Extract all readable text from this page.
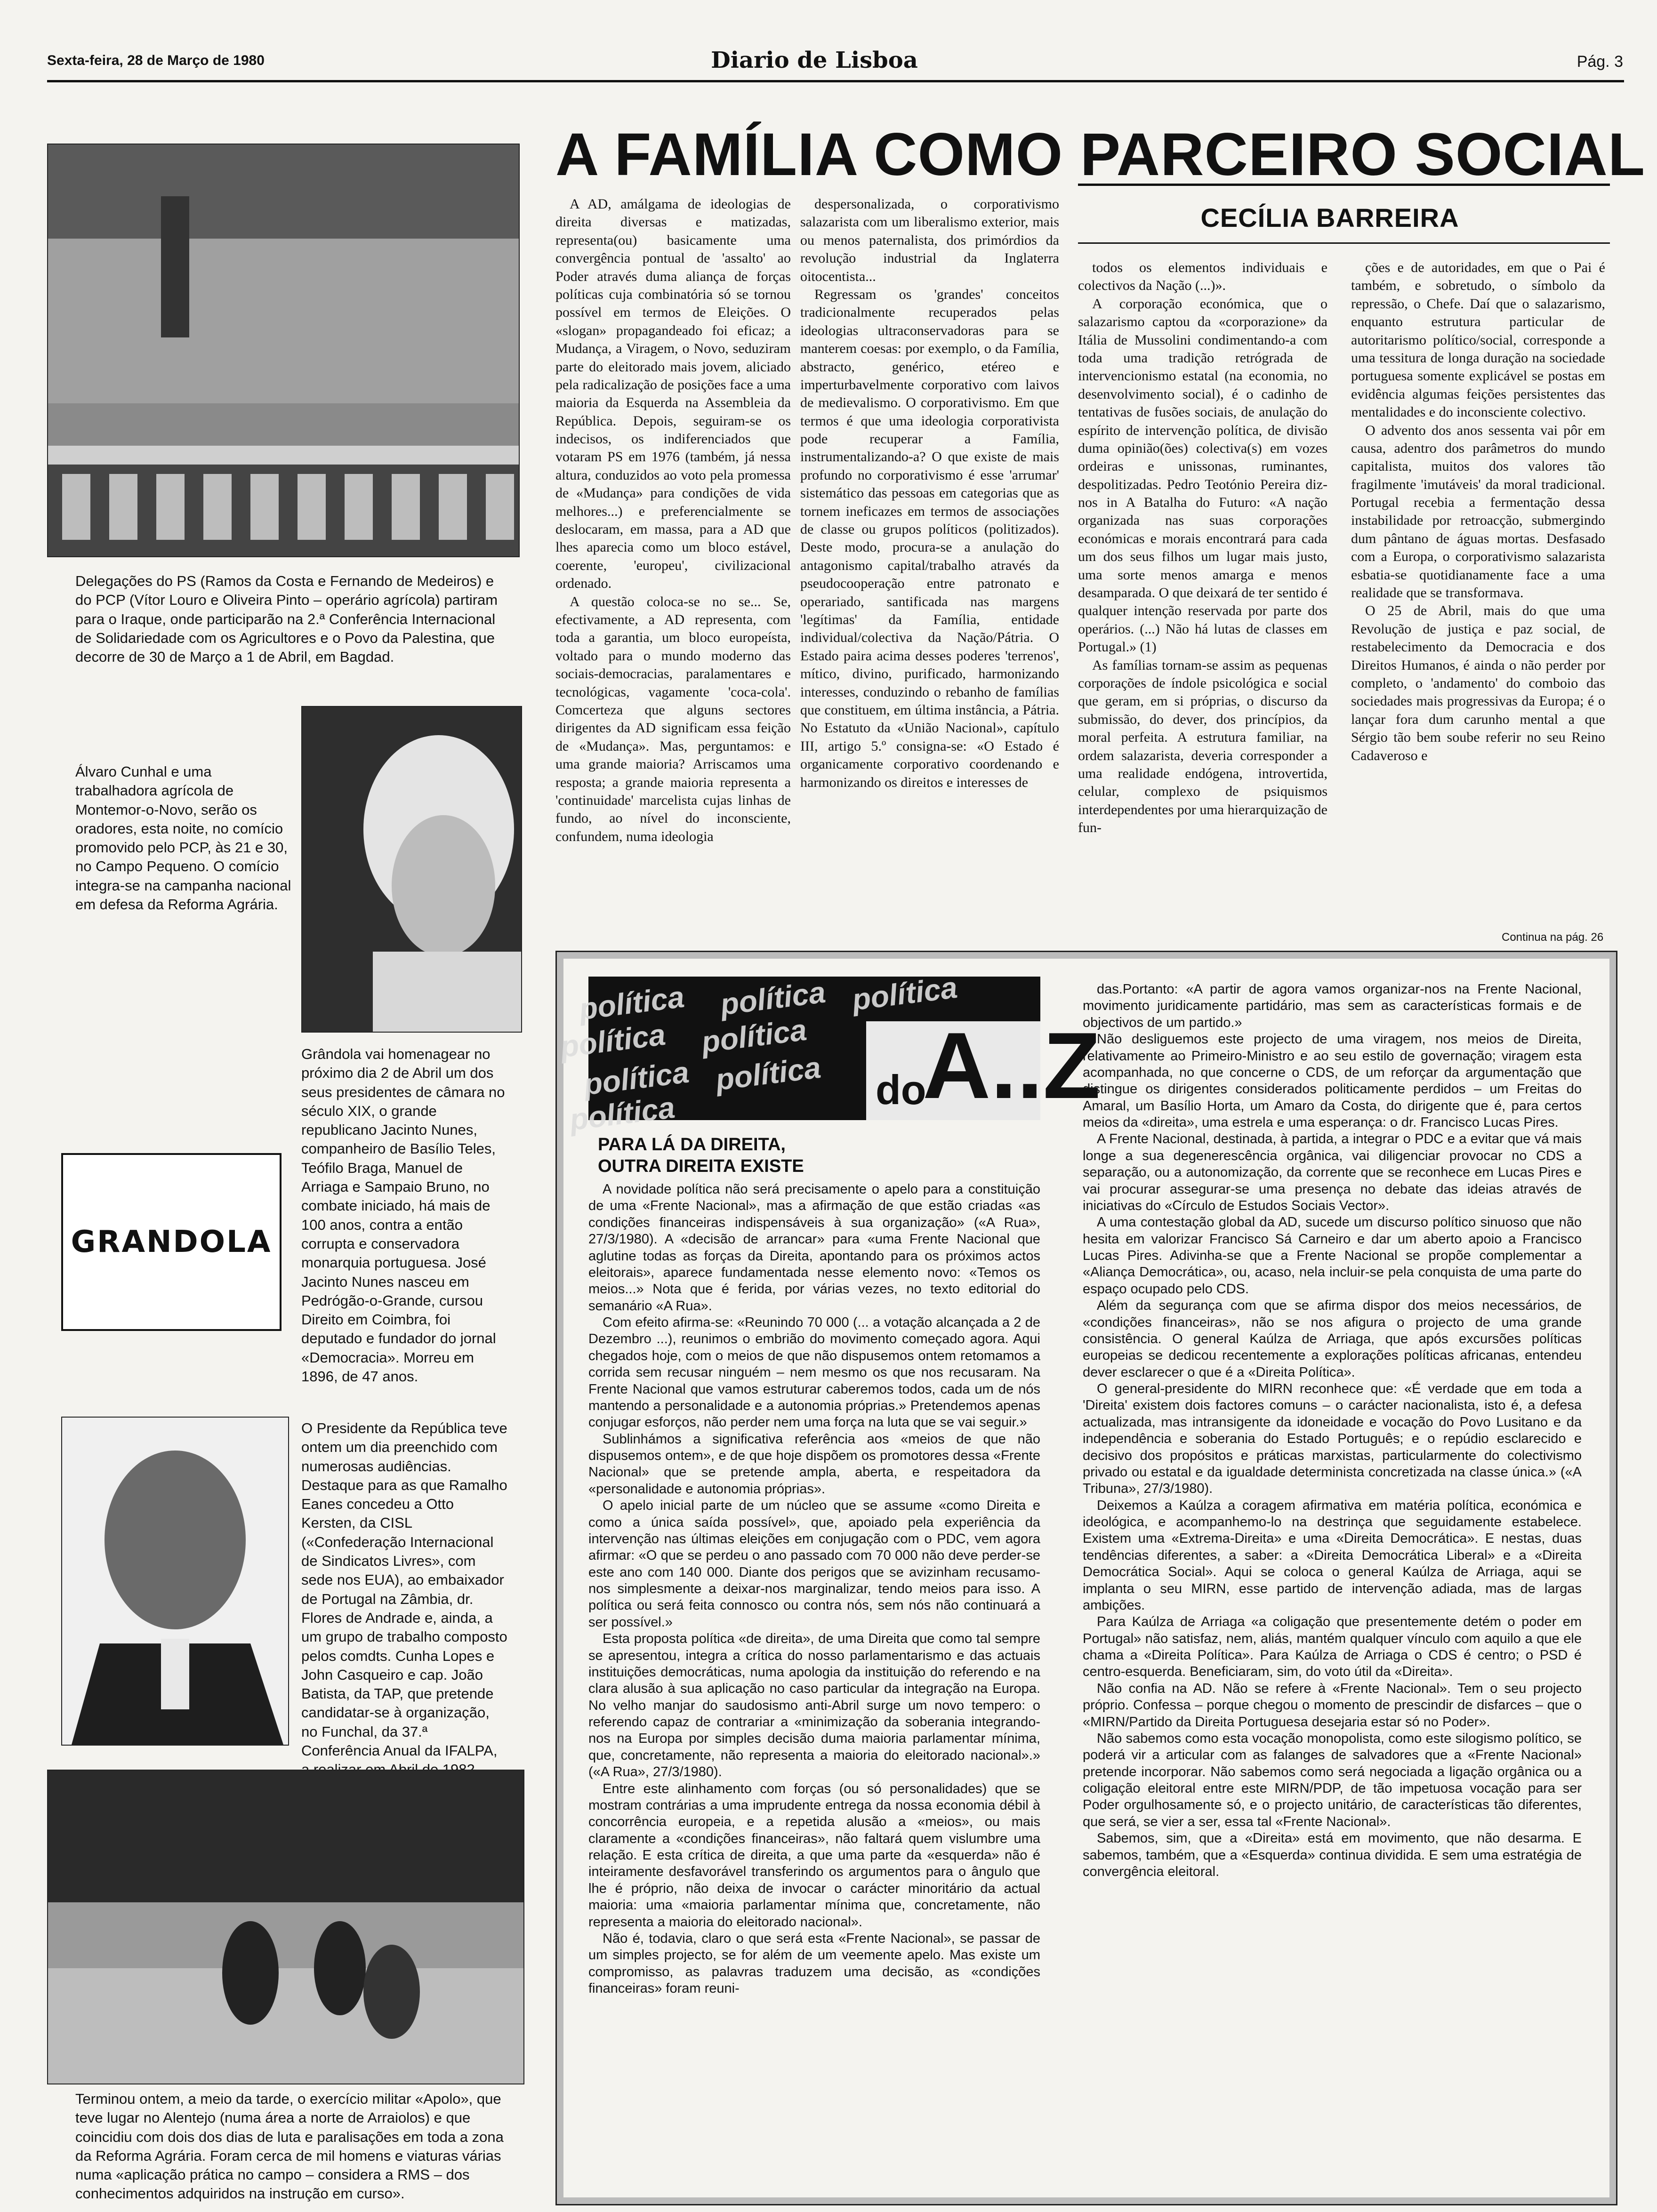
Sexta-feira, 28 de Março de 1980	Diario de Lisboa	Pág. 3
Delegações do PS (Ramos da Costa e Fernando de Medeiros) e do PCP (Vítor Louro e Oliveira Pinto – operário agrícola) partiram para o Iraque, onde participarão na 2.ª Conferência Internacional de Solidariedade com os Agricultores e o Povo da Palestina, que decorre de 30 de Março a 1 de Abril, em Bagdad.
Álvaro Cunhal e uma trabalhadora agrícola de Montemor-o-Novo, serão os oradores, esta noite, no comício promovido pelo PCP, às 21 e 30, no Campo Pequeno. O comício integra-se na campanha nacional em defesa da Reforma Agrária.
Grândola vai homenagear no próximo dia 2 de Abril um dos seus presidentes de câmara no século XIX, o grande republicano Jacinto Nunes, companheiro de Basílio Teles, Teófilo Braga, Manuel de Arriaga e Sampaio Bruno, no combate iniciado, há mais de 100 anos, contra a então corrupta e conservadora monarquia portuguesa. José Jacinto Nunes nasceu em Pedrógão-o-Grande, cursou Direito em Coimbra, foi deputado e fundador do jornal «Democracia». Morreu em 1896, de 47 anos.
GRANDOLA
O Presidente da República teve ontem um dia preenchido com numerosas audiências. Destaque para as que Ramalho Eanes concedeu a Otto Kersten, da CISL («Confederação Internacional de Sindicatos Livres», com sede nos EUA), ao embaixador de Portugal na Zâmbia, dr. Flores de Andrade e, ainda, a um grupo de trabalho composto pelos comdts. Cunha Lopes e John Casqueiro e cap. João Batista, da TAP, que pretende candidatar-se à organização, no Funchal, da 37.ª Conferência Anual da IFALPA,
Terminou ontem, a meio da tarde, o exercício militar «Apolo», que teve lugar no Alentejo (numa área a norte de Arraiolos) e que coincidiu com dois dos dias de luta e paralisações em toda a zona da Reforma Agrária. Foram cerca de mil homens e viaturas várias numa «aplicação prática no campo – considera a RMS – dos conhecimentos adquiridos na instrução em curso».
A FAMÍLIA COMO PARCEIRO SOCIAL
CECÍLIA BARREIRA

A AD, amálgama de ideologias de direita diversas e matizadas, representa(ou) basicamente uma convergência pontual de 'assalto' ao Poder através duma aliança de forças políticas cuja combinatória só se tornou possível em termos de Eleições. O «slogan» propagandeado foi eficaz; a Mudança, a Viragem, o Novo, seduziram parte do eleitorado mais jovem, aliciado pela radicalização de posições face a uma maioria da Esquerda na Assembleia da República. Depois, seguiram-se os indecisos, os indiferenciados que votaram PS em 1976 (também, já nessa altura, conduzidos ao voto pela promessa de «Mudança» para condições de vida melhores...) e preferencialmente se deslocaram, em massa, para a AD que lhes aparecia como um bloco estável, coerente, 'europeu', civilizacional ordenado.

A questão coloca-se no se... Se, efectivamente, a AD representa, com toda a garantia, um bloco europeísta, voltado para o mundo moderno das sociais-democracias, paralamentares e tecnológicas, vagamente 'coca-cola'. Comcerteza que alguns sectores dirigentes da AD significam essa feição de «Mudança». Mas, perguntamos: e uma grande maioria? Arriscamos uma resposta; a grande maioria representa a 'continuidade' marcelista cujas linhas de fundo, ao nível do inconsciente, confundem, numa ideologia

despersonalizada, o corporativismo salazarista com um liberalismo exterior, mais ou menos paternalista, dos primórdios da revolução industrial da Inglaterra oitocentista...

Regressam os 'grandes' conceitos tradicionalmente recuperados pelas ideologias ultraconservadoras para se manterem coesas: por exemplo, o da Família, abstracto, genérico, etéreo e imperturbavelmente corporativo com laivos de medievalismo. O corporativismo. Em que termos é que uma ideologia corporativista pode recuperar a Família, instrumentalizando-a? O que existe de mais profundo no corporativismo é esse 'arrumar' sistemático das pessoas em categorias que as tornem ineficazes em termos de associações de classe ou grupos políticos (politizados). Deste modo, procura-se a anulação do antagonismo capital/trabalho através da pseudocooperação entre patronato e operariado, santificada nas margens 'legítimas' da Família, entidade individual/colectiva da Nação/Pátria. O Estado paira acima desses poderes 'terrenos', mítico, divino, purificado, harmonizando interesses, conduzindo o rebanho de famílias que constituem, em última instância, a Pátria. No Estatuto da «União Nacional», capítulo III, artigo 5.º consigna-se: «O Estado é organicamente corporativo coordenando e harmonizando os direitos e interesses de

todos os elementos individuais e colectivos da Nação (...)».

A corporação económica, que o salazarismo captou da «corporazione» da Itália de Mussolini condimentando-a com toda uma tradição retrógrada de intervencionismo estatal (na economia, no desenvolvimento social), é o cadinho de tentativas de fusões sociais, de anulação do espírito de intervenção política, de divisão duma opinião(ões) colectiva(s) em vozes ordeiras e unissonas, ruminantes, despolitizadas. Pedro Teotónio Pereira diz-nos in A Batalha do Futuro: «A nação organizada nas suas corporações económicas e morais encontrará para cada um dos seus filhos um lugar mais justo, uma sorte menos amarga e menos desamparada. O que deixará de ter sentido é qualquer intenção reservada por parte dos operários. (...) Não há lutas de classes em Portugal.» (1)

As famílias tornam-se assim as pequenas corporações de índole psicológica e social que geram, em si próprias, o discurso da submissão, do dever, dos princípios, da moral perfeita. A estrutura familiar, na ordem salazarista, deveria corresponder a uma realidade endógena, introvertida, celular, complexo de psiquismos interdependentes por uma hierarquização de fun-

ções e de autoridades, em que o Pai é também, e sobretudo, o símbolo da repressão, o Chefe. Daí que o salazarismo, enquanto estrutura particular de autoritarismo político/social, corresponde a uma tessitura de longa duração na sociedade portuguesa somente explicável se postas em evidência algumas feições persistentes das mentalidades e do inconsciente colectivo.

O advento dos anos sessenta vai pôr em causa, adentro dos parâmetros do mundo capitalista, muitos dos valores tão fragilmente 'imutáveis' da moral tradicional. Portugal recebia a fermentação dessa instabilidade por retroacção, submergindo dum pântano de águas mortas. Desfasado com a Europa, o corporativismo salazarista esbatia-se quotidianamente face a uma realidade que se transformava.

O 25 de Abril, mais do que uma Revolução de justiça e paz social, de restabelecimento da Democracia e dos Direitos Humanos, é ainda o não perder por completo, o 'andamento' do comboio das sociedades mais progressivas da Europa; é o lançar fora dum carunho mental a que Sérgio tão bem soube referir no seu Reino Cadaveroso e

Continua na pág. 26
política política política
política política
política política
política
do
A..Z
PARA LÁ DA DIREITA,
OUTRA DIREITA EXISTE

A novidade política não será precisamente o apelo para a constituição de uma «Frente Nacional», mas a afirmação de que estão criadas «as condições financeiras indispensáveis à sua organização» («A Rua», 27/3/1980). A «decisão de arrancar» para «uma Frente Nacional que aglutine todas as forças da Direita, apontando para os próximos actos eleitorais», aparece fundamentada nesse elemento novo: «Temos os meios...» Nota que é ferida, por várias vezes, no texto editorial do semanário «A Rua».

Com efeito afirma-se: «Reunindo 70 000 (... a votação alcançada a 2 de Dezembro ...), reunimos o embrião do movimento começado agora. Aqui chegados hoje, com o meios de que não dispusemos ontem retomamos a corrida sem recusar ninguém – nem mesmo os que nos recusaram. Na Frente Nacional que vamos estruturar caberemos todos, cada um de nós mantendo a personalidade e a autonomia próprias.» Pretendemos apenas conjugar esforços, não perder nem uma força na luta que se vai seguir.»

Sublinhámos a significativa referência aos «meios de que não dispusemos ontem», e de que hoje dispõem os promotores dessa «Frente Nacional» que se pretende ampla, aberta, e respeitadora da «personalidade e autonomia próprias».

O apelo inicial parte de um núcleo que se assume «como Direita e como a única saída possível», que, apoiado pela experiência da intervenção nas últimas eleições em conjugação com o PDC, vem agora afirmar: «O que se perdeu o ano passado com 70 000 não deve perder-se este ano com 140 000. Diante dos perigos que se avizinham recusamo-nos simplesmente a deixar-nos marginalizar, tendo meios para isso. A política ou será feita connosco ou contra nós, sem nós não continuará a ser possível.»

Esta proposta política «de direita», de uma Direita que como tal sempre se apresentou, integra a crítica do nosso parlamentarismo e das actuais instituições democráticas, numa apologia da instituição do referendo e na clara alusão à sua aplicação no caso particular da integração na Europa. No velho manjar do saudosismo anti-Abril surge um novo tempero: o referendo capaz de contrariar a «minimização da soberania integrando-nos na Europa por simples decisão duma maioria parlamentar mínima, que, concretamente, não representa a maioria do eleitorado nacional».» («A Rua», 27/3/1980).

Entre este alinhamento com forças (ou só personalidades) que se mostram contrárias a uma imprudente entrega da nossa economia débil à concorrência europeia, e a repetida alusão a «meios», ou mais claramente a «condições financeiras», não faltará quem vislumbre uma relação. E esta crítica de direita, a que uma parte da «esquerda» não é inteiramente desfavorável transferindo os argumentos para o ângulo que lhe é próprio, não deixa de invocar o carácter minoritário da actual maioria: uma «maioria parlamentar mínima que, concretamente, não representa a maioria do eleitorado nacional».

Não é, todavia, claro o que será esta «Frente Nacional», se passar de um simples projecto, se for além de um veemente apelo. Mas existe um compromisso, as palavras traduzem uma decisão, as «condições financeiras» foram reuni-

das.Portanto: «A partir de agora vamos organizar-nos na Frente Nacional, movimento juridicamente partidário, mas sem as características formais e de objectivos de um partido.»

Não desliguemos este projecto de uma viragem, nos meios de Direita, relativamente ao Primeiro-Ministro e ao seu estilo de governação; viragem esta acompanhada, no que concerne o CDS, de um reforçar da argumentação que distingue os dirigentes considerados politicamente perdidos – um Freitas do Amaral, um Basílio Horta, um Amaro da Costa, do dirigente que é, para certos meios da «direita», uma estrela e uma esperança: o dr. Francisco Lucas Pires.

A Frente Nacional, destinada, à partida, a integrar o PDC e a evitar que vá mais longe a sua degenerescência orgânica, vai diligenciar provocar no CDS a separação, ou a autonomização, da corrente que se reconhece em Lucas Pires e vai procurar assegurar-se uma presença no debate das ideias através de iniciativas do «Círculo de Estudos Sociais Vector».

A uma contestação global da AD, sucede um discurso político sinuoso que não hesita em valorizar Francisco Sá Carneiro e dar um aberto apoio a Francisco Lucas Pires. Adivinha-se que a Frente Nacional se propõe complementar a «Aliança Democrática», ou, acaso, nela incluir-se pela conquista de uma parte do espaço ocupado pelo CDS.

Além da segurança com que se afirma dispor dos meios necessários, de «condições financeiras», não se nos afigura o projecto de uma grande consistência. O general Kaúlza de Arriaga, que após excursões políticas europeias se dedicou recentemente a explorações políticas africanas, entendeu dever esclarecer o que é a «Direita Política».

O general-presidente do MIRN reconhece que: «É verdade que em toda a 'Direita' existem dois factores comuns – o carácter nacionalista, isto é, a defesa actualizada, mas intransigente da idoneidade e vocação do Povo Lusitano e da independência e soberania do Estado Português; e o repúdio esclarecido e decisivo dos propósitos e práticas marxistas, particularmente do colectivismo privado ou estatal e da igualdade determinista concretizada na classe única.» («A Tribuna», 27/3/1980).

Deixemos a Kaúlza a coragem afirmativa em matéria política, económica e ideológica, e acompanhemo-lo na destrinça que seguidamente estabelece. Existem uma «Extrema-Direita» e uma «Direita Democrática». E nestas, duas tendências diferentes, a saber: a «Direita Democrática Liberal» e a «Direita Democrática Social». Aqui se coloca o general Kaúlza de Arriaga, aqui se implanta o seu MIRN, esse partido de intervenção adiada, mas de largas ambições.

Para Kaúlza de Arriaga «a coligação que presentemente detém o poder em Portugal» não satisfaz, nem, aliás, mantém qualquer vínculo com aquilo a que ele chama a «Direita Política». Para Kaúlza de Arriaga o CDS é centro; o PSD é centro-esquerda. Beneficiaram, sim, do voto útil da «Direita».

Não confia na AD. Não se refere à «Frente Nacional». Tem o seu projecto próprio. Confessa – porque chegou o momento de prescindir de disfarces – que o «MIRN/Partido da Direita Portuguesa desejaria estar só no Poder».

Não sabemos como esta vocação monopolista, como este silogismo político, se poderá vir a articular com as falanges de salvadores que a «Frente Nacional» pretende incorporar. Não sabemos como será negociada a ligação orgânica ou a coligação eleitoral entre este MIRN/PDP, de tão impetuosa vocação para ser Poder orgulhosamente só, e o projecto unitário, de características tão diferentes, que será, se vier a ser, essa tal «Frente Nacional».

Sabemos, sim, que a «Direita» está em movimento, que não desarma. E sabemos, também, que a «Esquerda» continua dividida. E sem uma estratégia de convergência eleitoral.
